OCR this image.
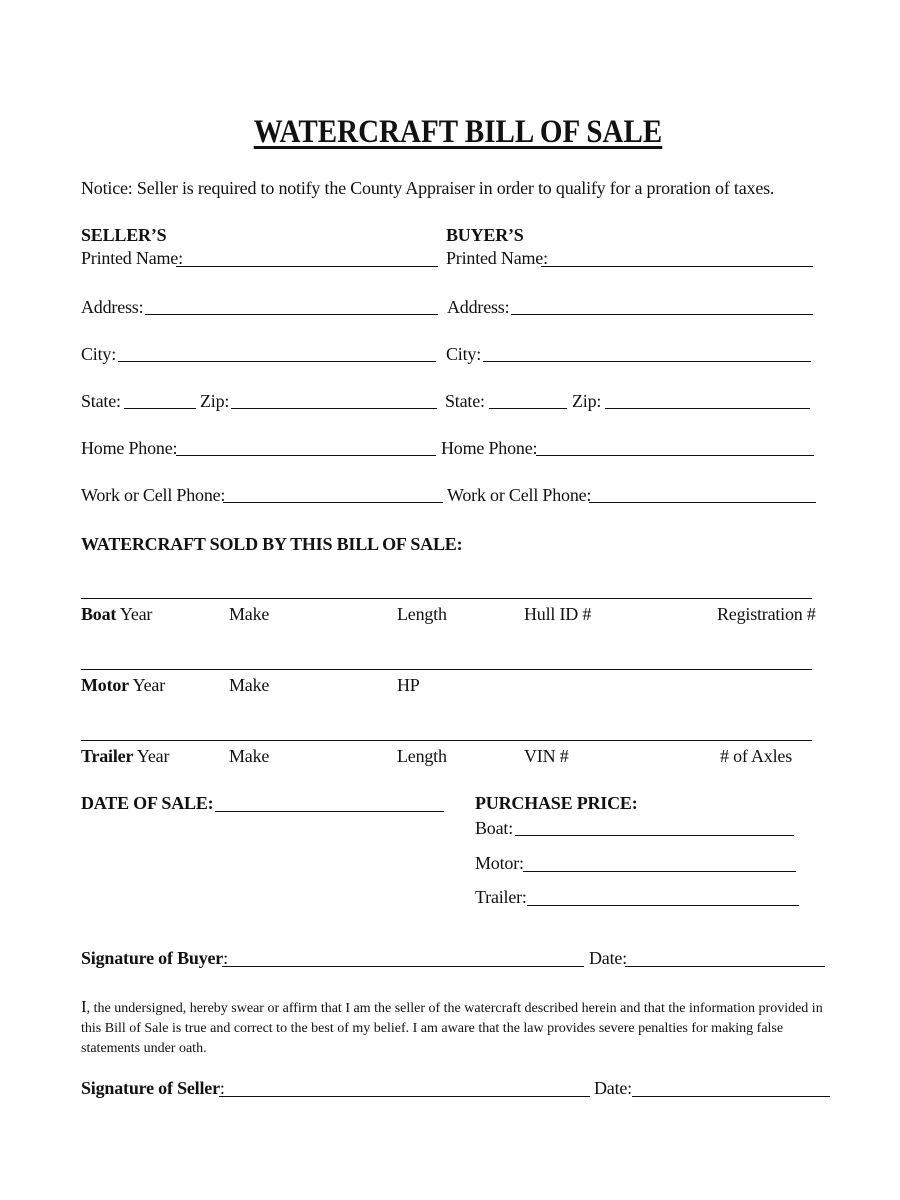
WATERCRAFT BILL OF SALE
Notice: Seller is required to notify the County Appraiser in order to qualify for a proration of taxes.
SELLER’S	BUYER’S
Printed Name:	Printed Name:
Address:	Address:
City:	City:
State:	Zip:	State:	Zip:
Home Phone:	Home Phone:
Work or Cell Phone:	Work or Cell Phone:
WATERCRAFT SOLD BY THIS BILL OF SALE:
Boat Year	Make	Length	Hull ID #	Registration #
Motor Year	Make	HP
Trailer Year	Make	Length	VIN #	# of Axles
DATE OF SALE:	PURCHASE PRICE:
Boat:
Motor:
Trailer:
Signature of Buyer:	Date:
I, the undersigned, hereby swear or affirm that I am the seller of the watercraft described herein and that the information provided in this Bill of Sale is true and correct to the best of my belief. I am aware that the law provides severe penalties for making false statements under oath.
Signature of Seller:	Date:
